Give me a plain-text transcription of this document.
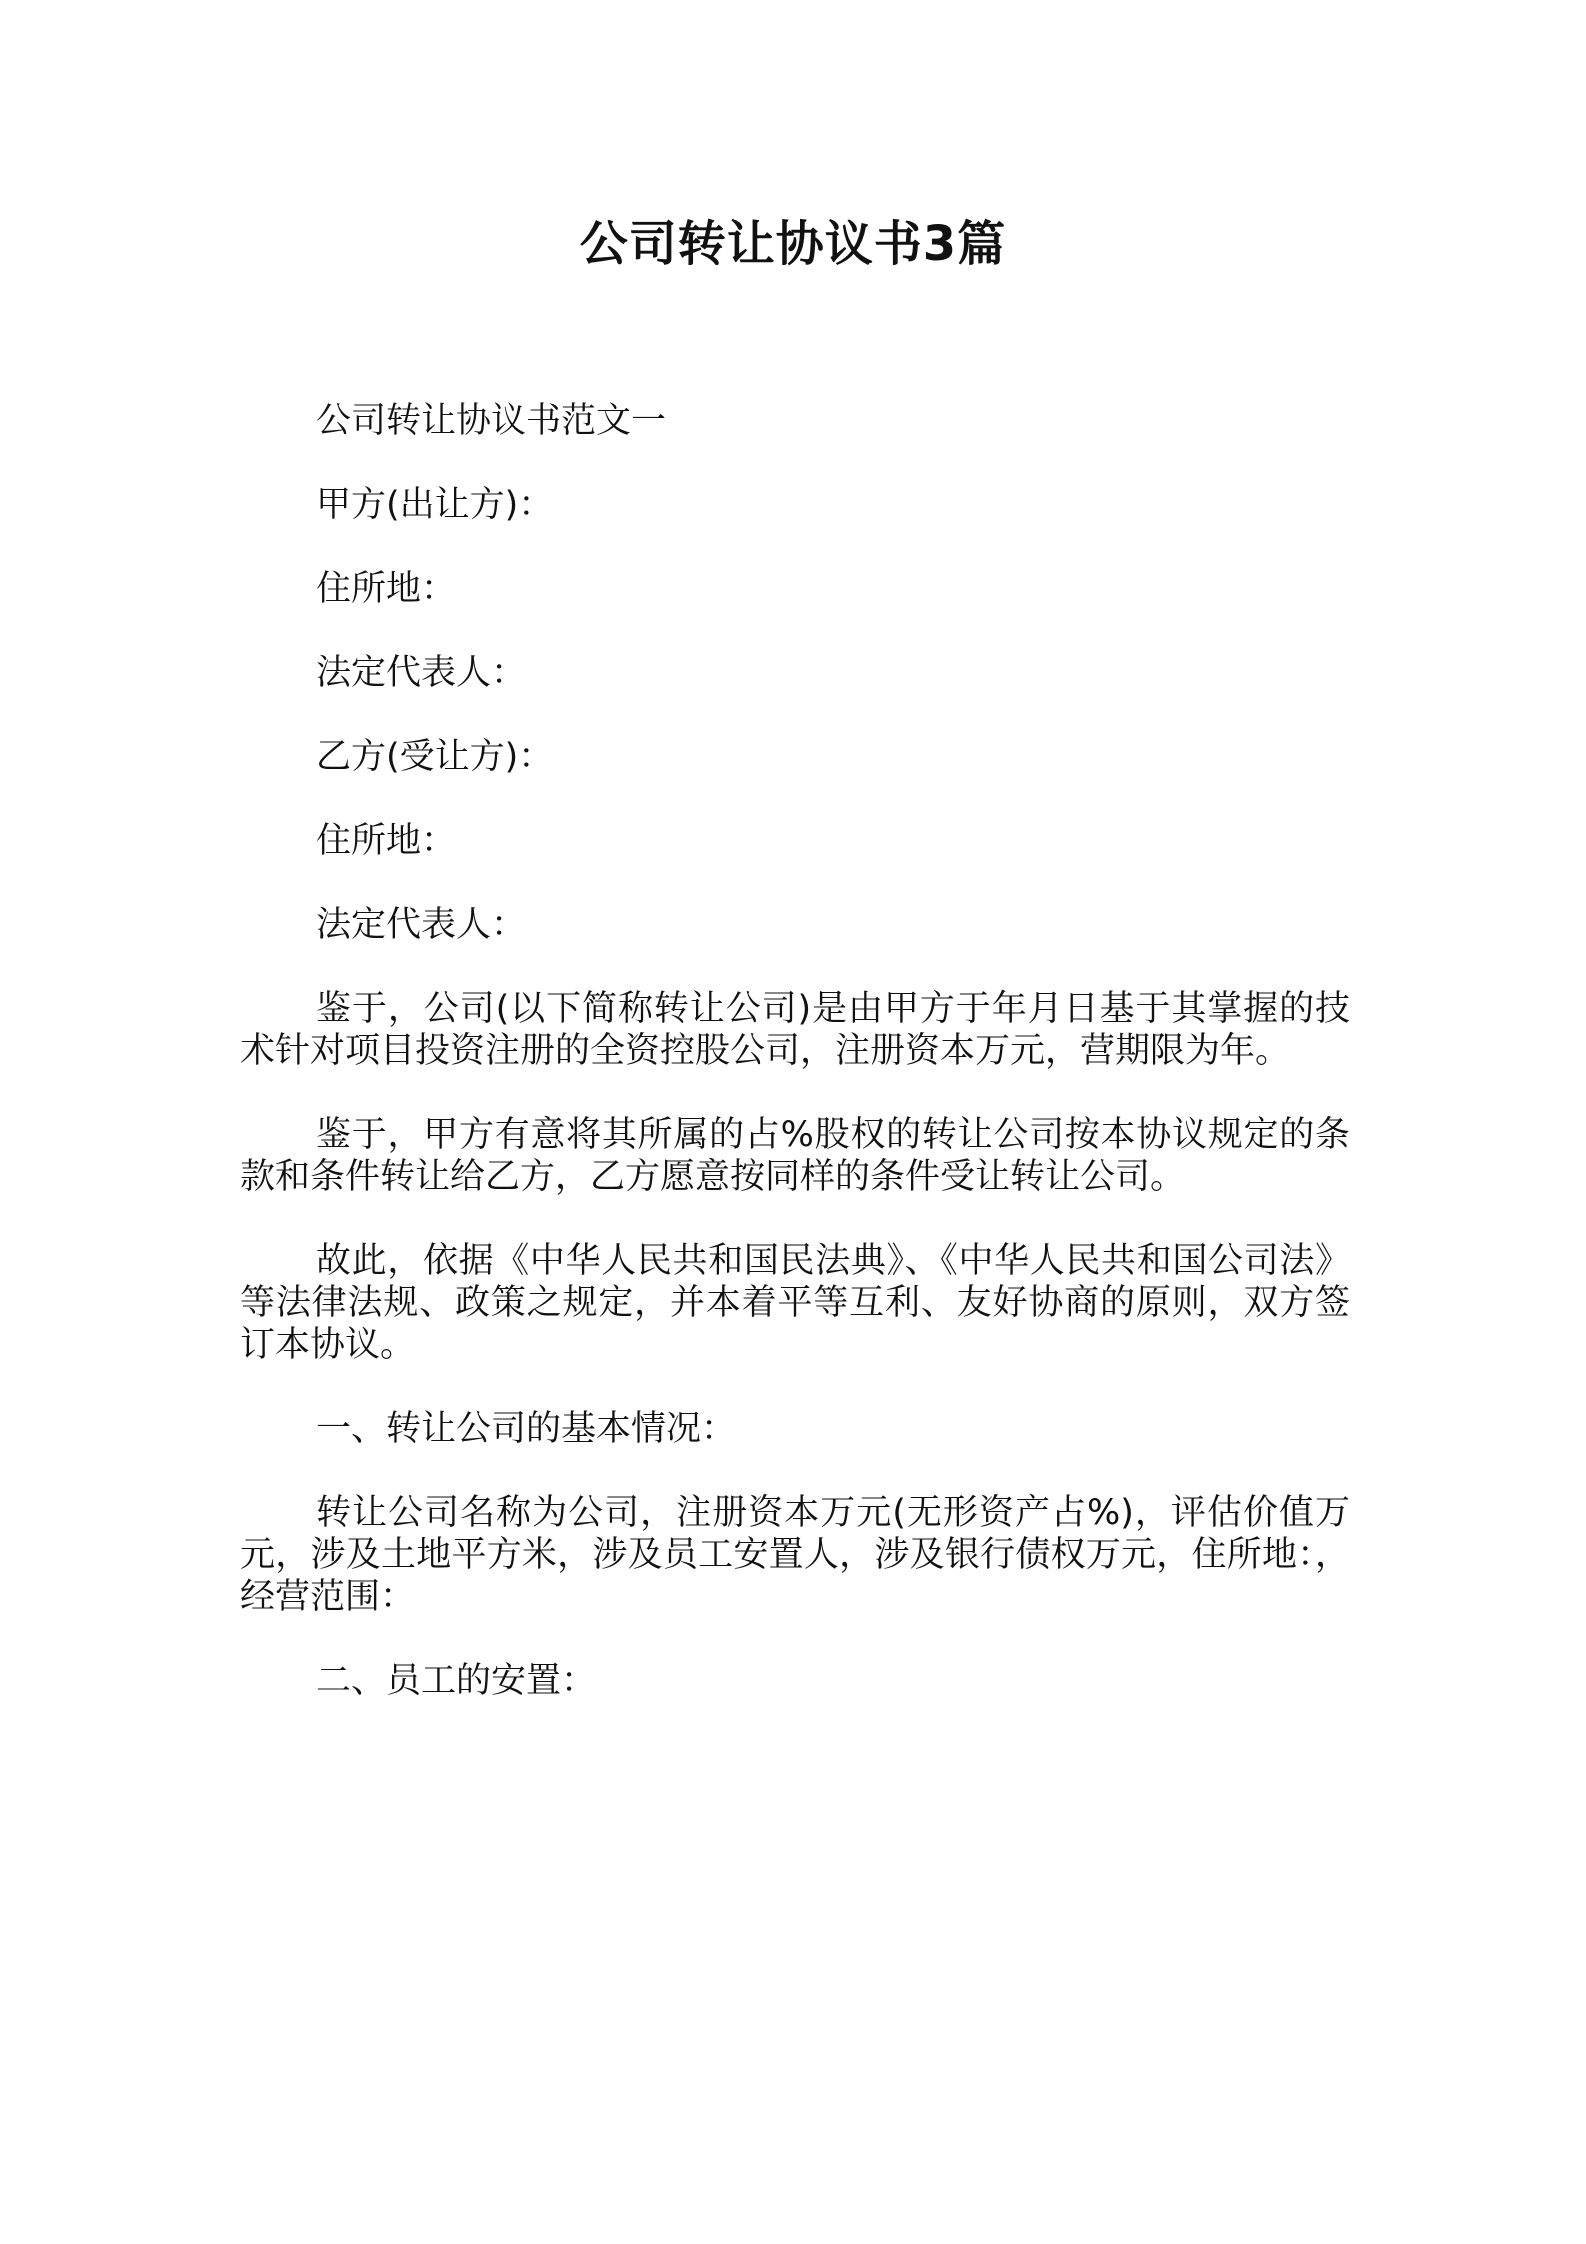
公司转让协议书3篇

公司转让协议书范文一

甲方(出让方)：

住所地：

法定代表人：

乙方(受让方)：

住所地：

法定代表人：

鉴于，公司(以下简称转让公司)是由甲方于年月日基于其掌握的技术针对项目投资注册的全资控股公司，注册资本万元，营期限为年。

鉴于，甲方有意将其所属的占%股权的转让公司按本协议规定的条款和条件转让给乙方，乙方愿意按同样的条件受让转让公司。

故此，依据《中华人民共和国民法典》、《中华人民共和国公司法》等法律法规、政策之规定，并本着平等互利、友好协商的原则，双方签订本协议。

一、转让公司的基本情况：

转让公司名称为公司，注册资本万元(无形资产占%)，评估价值万元，涉及土地平方米，涉及员工安置人，涉及银行债权万元，住所地：，经营范围：

二、员工的安置：
